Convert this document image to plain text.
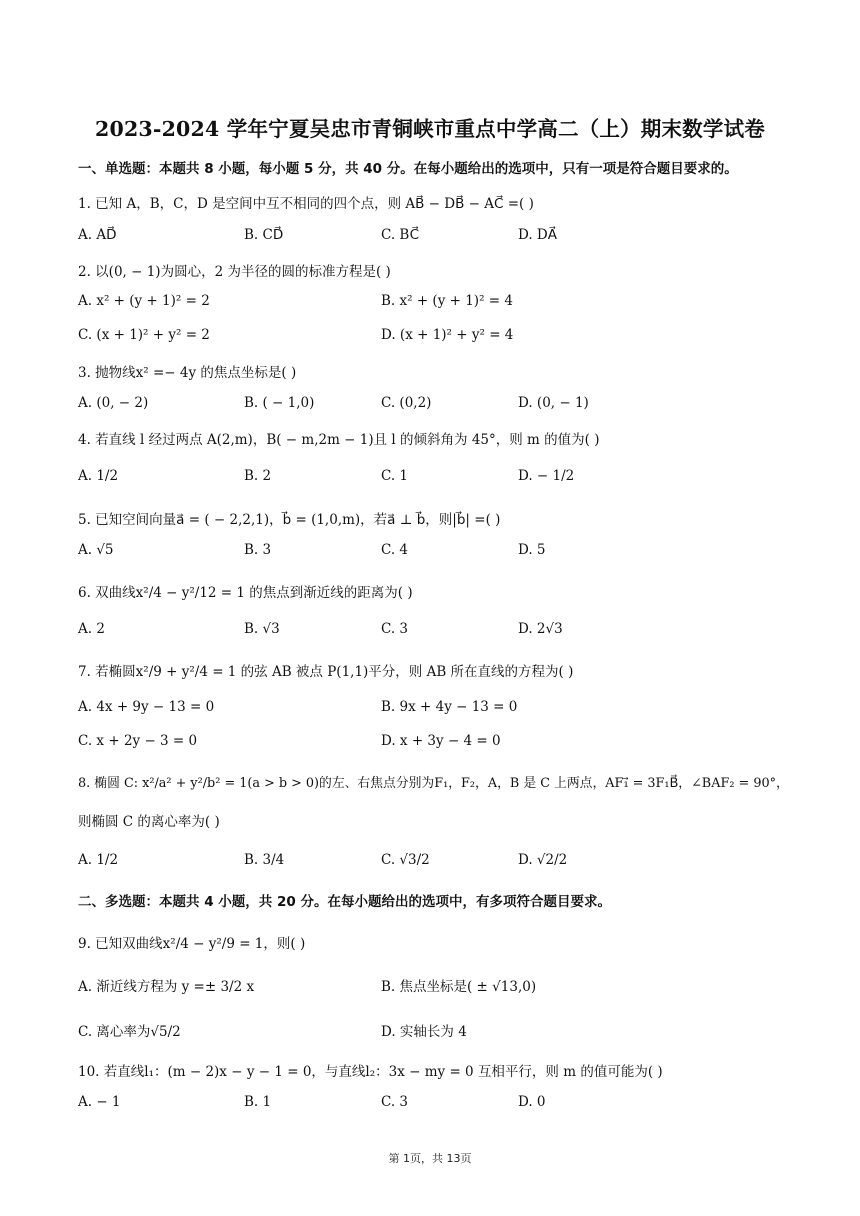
2023-2024 学年宁夏吴忠市青铜峡市重点中学高二（上）期末数学试卷
一、单选题：本题共 8 小题，每小题 5 分，共 40 分。在每小题给出的选项中，只有一项是符合题目要求的。
1. 已知 A，B，C，D 是空间中互不相同的四个点，则 AB⃗ − DB⃗ − AC⃗ =( )
A. AD⃗	B. CD⃗	C. BC⃗	D. DA⃗
2. 以(0, − 1)为圆心，2 为半径的圆的标准方程是( )
A. x² + (y + 1)² = 2	B. x² + (y + 1)² = 4
C. (x + 1)² + y² = 2	D. (x + 1)² + y² = 4
3. 抛物线x² =− 4y 的焦点坐标是( )
A. (0, − 2)	B. ( − 1,0)	C. (0,2)	D. (0, − 1)
4. 若直线 l 经过两点 A(2,m)，B( − m,2m − 1)且 l 的倾斜角为 45°，则 m 的值为( )
A. 1/2	B. 2	C. 1	D. − 1/2
5. 已知空间向量a⃗ = ( − 2,2,1)，b⃗ = (1,0,m)，若a⃗ ⊥ b⃗，则|b⃗| =( )
A. √5	B. 3	C. 4	D. 5
6. 双曲线x²/4 − y²/12 = 1 的焦点到渐近线的距离为( )
A. 2	B. √3	C. 3	D. 2√3
7. 若椭圆x²/9 + y²/4 = 1 的弦 AB 被点 P(1,1)平分，则 AB 所在直线的方程为( )
A. 4x + 9y − 13 = 0	B. 9x + 4y − 13 = 0
C. x + 2y − 3 = 0	D. x + 3y − 4 = 0
8. 椭圆 C: x²/a² + y²/b² = 1(a > b > 0)的左、右焦点分别为F₁，F₂，A，B 是 C 上两点，AF₁⃗ = 3F₁B⃗，∠BAF₂ = 90°，
则椭圆 C 的离心率为( )
A. 1/2	B. 3/4	C. √3/2	D. √2/2
二、多选题：本题共 4 小题，共 20 分。在每小题给出的选项中，有多项符合题目要求。
9. 已知双曲线x²/4 − y²/9 = 1，则( )
A. 渐近线方程为 y =± 3/2 x	B. 焦点坐标是( ± √13,0)
C. 离心率为√5/2	D. 实轴长为 4
10. 若直线l₁：(m − 2)x − y − 1 = 0，与直线l₂：3x − my = 0 互相平行，则 m 的值可能为( )
A. − 1	B. 1	C. 3	D. 0
第 1页，共 13页
